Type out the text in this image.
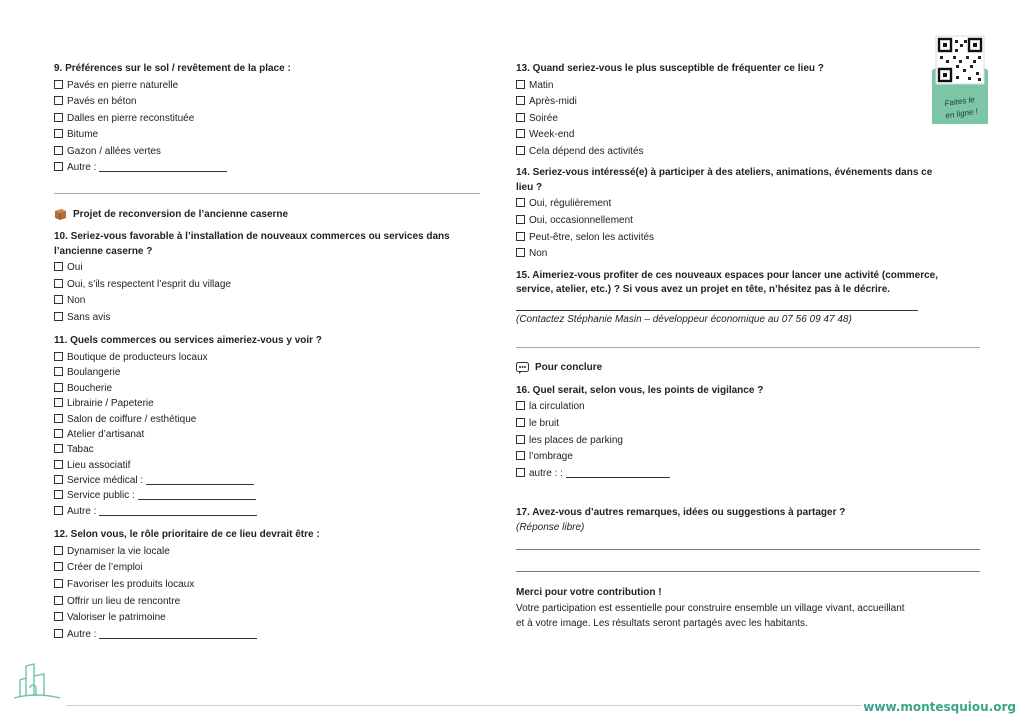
Faites le
en ligne !
9. Préférences sur le sol / revêtement de la place :
Pavés en pierre naturelle
Pavés en béton
Dalles en pierre reconstituée
Bitume
Gazon / allées vertes
Autre :
Projet de reconversion de l’ancienne caserne
10. Seriez-vous favorable à l’installation de nouveaux commerces ou services dans
l’ancienne caserne ?
Oui
Oui, s’ils respectent l’esprit du village
Non
Sans avis
11. Quels commerces ou services aimeriez-vous y voir ?
Boutique de producteurs locaux
Boulangerie
Boucherie
Librairie / Papeterie
Salon de coiffure / esthétique
Atelier d’artisanat
Tabac
Lieu associatif
Service médical :
Service public :
Autre :
12. Selon vous, le rôle prioritaire de ce lieu devrait être :
Dynamiser la vie locale
Créer de l’emploi
Favoriser les produits locaux
Offrir un lieu de rencontre
Valoriser le patrimoine
Autre :
13. Quand seriez-vous le plus susceptible de fréquenter ce lieu ?
Matin
Après-midi
Soirée
Week-end
Cela dépend des activités
14. Seriez-vous intéressé(e) à participer à des ateliers, animations, événements dans ce
lieu ?
Oui, régulièrement
Oui, occasionnellement
Peut-être, selon les activités
Non
15. Aimeriez-vous profiter de ces nouveaux espaces pour lancer une activité (commerce,
service, atelier, etc.) ? Si vous avez un projet en tête, n’hésitez pas à le décrire.
(Contactez Stéphanie Masin – développeur économique au 07 56 09 47 48)
Pour conclure
16. Quel serait, selon vous, les points de vigilance ?
la circulation
le bruit
les places de parking
l’ombrage
autre : :
17. Avez-vous d’autres remarques, idées ou suggestions à partager ?
(Réponse libre)
Merci pour votre contribution !
Votre participation est essentielle pour construire ensemble un village vivant, accueillant
et à votre image. Les résultats seront partagés avec les habitants.
www.montesquiou.org
